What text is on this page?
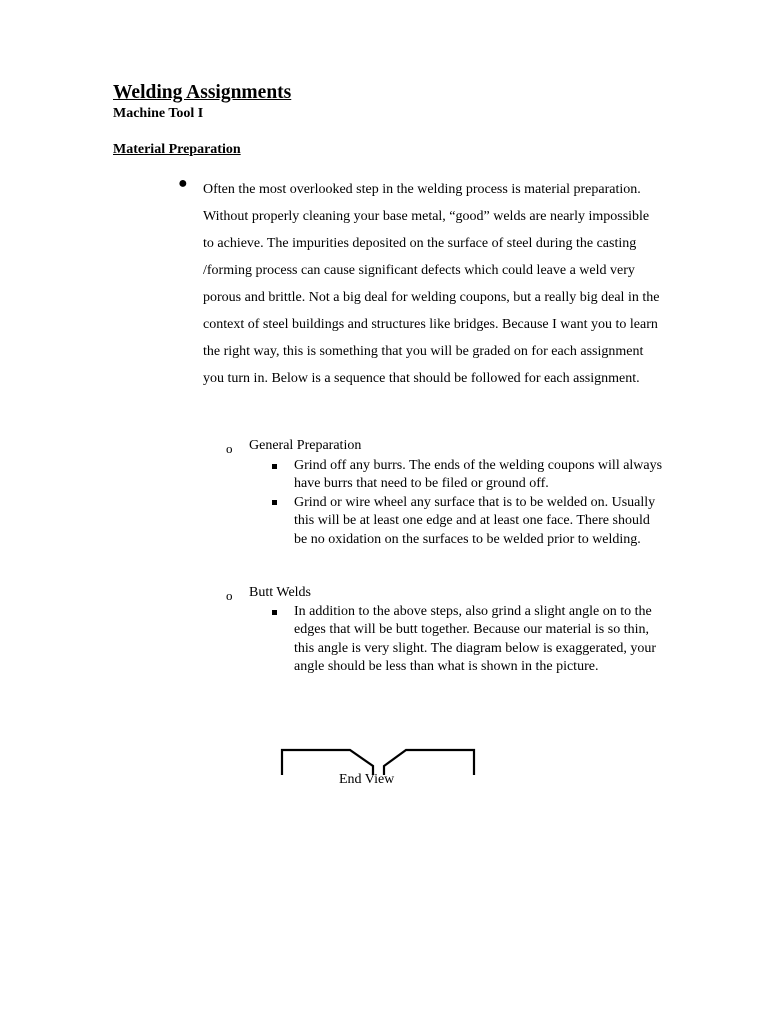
Welding Assignments
Machine Tool I
Material Preparation
● Often the most overlooked step in the welding process is material preparation. Without properly cleaning your base metal, “good” welds are nearly impossible to achieve. The impurities deposited on the surface of steel during the casting /forming process can cause significant defects which could leave a weld very porous and brittle. Not a big deal for welding coupons, but a really big deal in the context of steel buildings and structures like bridges. Because I want you to learn the right way, this is something that you will be graded on for each assignment you turn in. Below is a sequence that should be followed for each assignment.

o General Preparation

Grind off any burrs. The ends of the welding coupons will always have burrs that need to be filed or ground off.

Grind or wire wheel any surface that is to be welded on. Usually this will be at least one edge and at least one face. There should be no oxidation on the surfaces to be welded prior to welding.

o Butt Welds

In addition to the above steps, also grind a slight angle on to the edges that will be butt together. Because our material is so thin, this angle is very slight. The diagram below is exaggerated, your angle should be less than what is shown in the picture.

End View
